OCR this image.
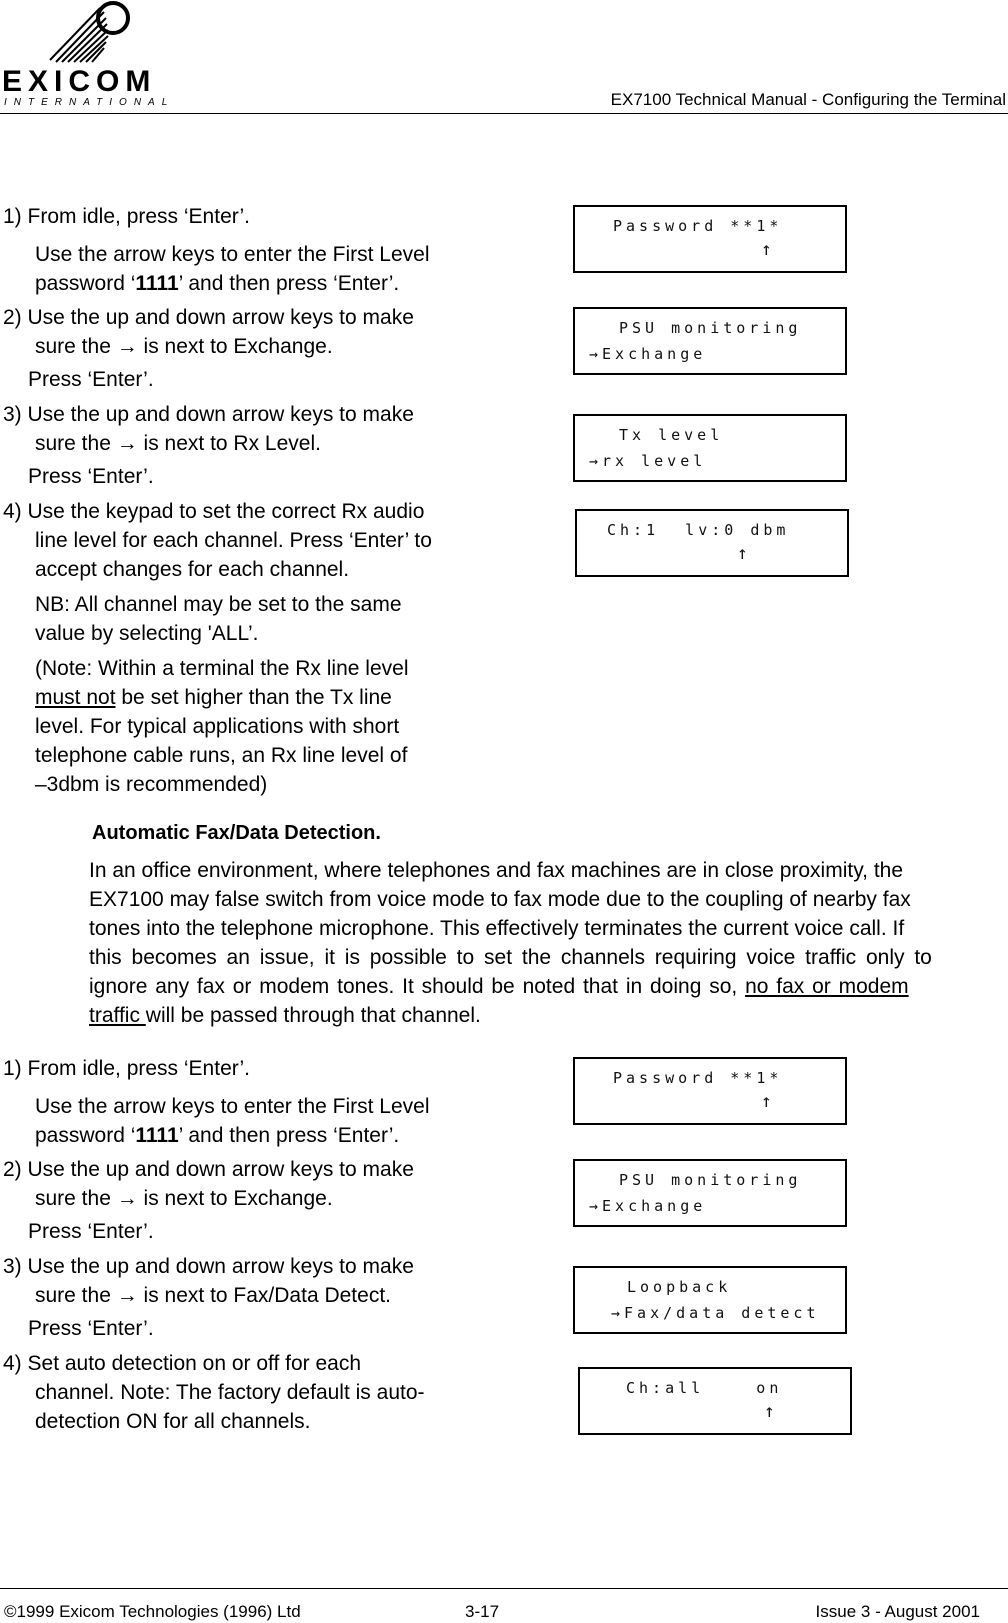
EXICOM
INTERNATIONAL	EX7100 Technical Manual - Configuring the Terminal
1) From idle, press ‘Enter’.
Use the arrow keys to enter the First Level
password ‘1111’ and then press ‘Enter’.
2) Use the up and down arrow keys to make
sure the → is next to Exchange.
Press ‘Enter’.
3) Use the up and down arrow keys to make
sure the → is next to Rx Level.
Press ‘Enter’.
4) Use the keypad to set the correct Rx audio
line level for each channel. Press ‘Enter’ to
accept changes for each channel.
NB: All channel may be set to the same
value by selecting 'ALL’.
(Note: Within a terminal the Rx line level
must not be set higher than the Tx line
level. For typical applications with short
telephone cable runs, an Rx line level of
–3dbm is recommended)
Password **1*
↑
PSU monitoring
→Exchange
Tx level
→rx level
Ch:1  lv:0 dbm
↑
Automatic Fax/Data Detection.
In an office environment, where telephones and fax machines are in close proximity, the
EX7100 may false switch from voice mode to fax mode due to the coupling of nearby fax
tones into the telephone microphone. This effectively terminates the current voice call. If
this becomes an issue, it is possible to set the channels requiring voice traffic only to
ignore any fax or modem tones. It should be noted that in doing so, no fax or modem
traffic will be passed through that channel.
1) From idle, press ‘Enter’.
Use the arrow keys to enter the First Level
password ‘1111’ and then press ‘Enter’.
2) Use the up and down arrow keys to make
sure the → is next to Exchange.
Press ‘Enter’.
3) Use the up and down arrow keys to make
sure the → is next to Fax/Data Detect.
Press ‘Enter’.
4) Set auto detection on or off for each
channel. Note: The factory default is auto-
detection ON for all channels.
Password **1*
↑
PSU monitoring
→Exchange
Loopback
→Fax/data detect
Ch:all    on
↑
©1999 Exicom Technologies (1996) Ltd	3-17	Issue 3 - August 2001
